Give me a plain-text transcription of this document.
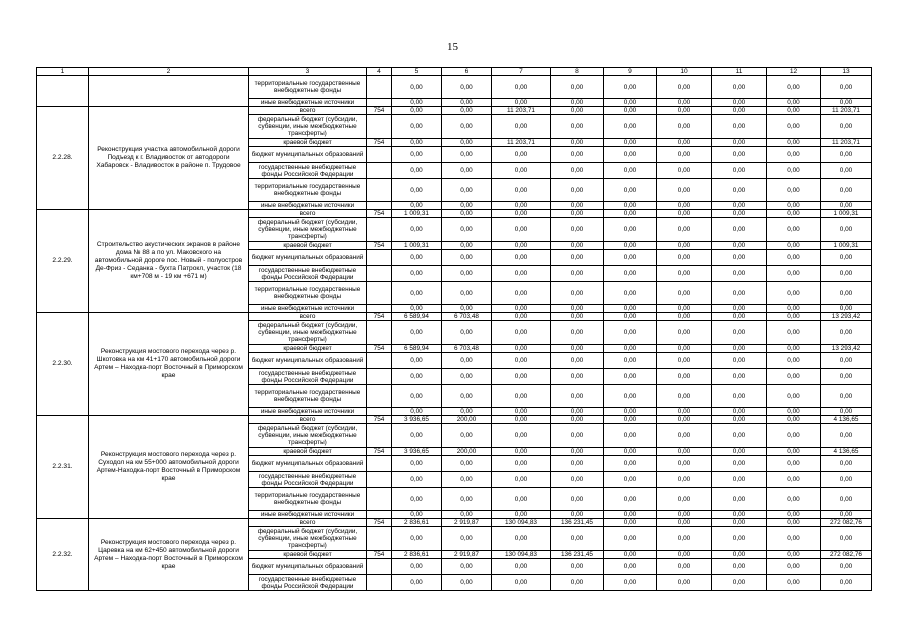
15
1	2	3	4	5	6	7	8	9	10	11	12	13
		территориальные государственные внебюджетные фонды		0,00	0,00	0,00	0,00	0,00	0,00	0,00	0,00	0,00
		иные внебюджетные источники		0,00	0,00	0,00	0,00	0,00	0,00	0,00	0,00	0,00
2.2.28.	Реконструкция участка автомобильной дороги Подъезд к г. Владивосток от автодороги Хабаровск - Владивосток в районе п. Трудовое	всего	754	0,00	0,00	11 203,71	0,00	0,00	0,00	0,00	0,00	11 203,71
		федеральный бюджет (субсидии, субвенции, иные межбюджетные трансферты)		0,00	0,00	0,00	0,00	0,00	0,00	0,00	0,00	0,00
		краевой бюджет	754	0,00	0,00	11 203,71	0,00	0,00	0,00	0,00	0,00	11 203,71
		бюджет муниципальных образований		0,00	0,00	0,00	0,00	0,00	0,00	0,00	0,00	0,00
		государственные внебюджетные фонды Российской Федерации		0,00	0,00	0,00	0,00	0,00	0,00	0,00	0,00	0,00
		территориальные государственные внебюджетные фонды		0,00	0,00	0,00	0,00	0,00	0,00	0,00	0,00	0,00
		иные внебюджетные источники		0,00	0,00	0,00	0,00	0,00	0,00	0,00	0,00	0,00
2.2.29.	Строительство акустических экранов в районе дома № 88 а по ул. Маковского на автомобильной дороге пос. Новый - полуостров Де-Фриз - Седанка - бухта Патрокл, участок (18 км+708 м - 19 км +671 м)	всего	754	1 009,31	0,00	0,00	0,00	0,00	0,00	0,00	0,00	1 009,31
		федеральный бюджет (субсидии, субвенции, иные межбюджетные трансферты)		0,00	0,00	0,00	0,00	0,00	0,00	0,00	0,00	0,00
		краевой бюджет	754	1 009,31	0,00	0,00	0,00	0,00	0,00	0,00	0,00	1 009,31
		бюджет муниципальных образований		0,00	0,00	0,00	0,00	0,00	0,00	0,00	0,00	0,00
		государственные внебюджетные фонды Российской Федерации		0,00	0,00	0,00	0,00	0,00	0,00	0,00	0,00	0,00
		территориальные государственные внебюджетные фонды		0,00	0,00	0,00	0,00	0,00	0,00	0,00	0,00	0,00
		иные внебюджетные источники		0,00	0,00	0,00	0,00	0,00	0,00	0,00	0,00	0,00
2.2.30.	Реконструкция мостового перехода через р. Шкотовка на км 41+170 автомобильной дороги Артем – Находка-порт Восточный в Приморском крае	всего	754	6 589,94	6 703,48	0,00	0,00	0,00	0,00	0,00	0,00	13 293,42
		федеральный бюджет (субсидии, субвенции, иные межбюджетные трансферты)		0,00	0,00	0,00	0,00	0,00	0,00	0,00	0,00	0,00
		краевой бюджет	754	6 589,94	6 703,48	0,00	0,00	0,00	0,00	0,00	0,00	13 293,42
		бюджет муниципальных образований		0,00	0,00	0,00	0,00	0,00	0,00	0,00	0,00	0,00
		государственные внебюджетные фонды Российской Федерации		0,00	0,00	0,00	0,00	0,00	0,00	0,00	0,00	0,00
		территориальные государственные внебюджетные фонды		0,00	0,00	0,00	0,00	0,00	0,00	0,00	0,00	0,00
		иные внебюджетные источники		0,00	0,00	0,00	0,00	0,00	0,00	0,00	0,00	0,00
2.2.31.	Реконструкция мостового перехода через р. Суходол на км 55+000 автомобильной дороги Артем-Находка-порт Восточный в Приморском крае	всего	754	3 936,65	200,00	0,00	0,00	0,00	0,00	0,00	0,00	4 136,65
		федеральный бюджет (субсидии, субвенции, иные межбюджетные трансферты)		0,00	0,00	0,00	0,00	0,00	0,00	0,00	0,00	0,00
		краевой бюджет	754	3 936,65	200,00	0,00	0,00	0,00	0,00	0,00	0,00	4 136,65
		бюджет муниципальных образований		0,00	0,00	0,00	0,00	0,00	0,00	0,00	0,00	0,00
		государственные внебюджетные фонды Российской Федерации		0,00	0,00	0,00	0,00	0,00	0,00	0,00	0,00	0,00
		территориальные государственные внебюджетные фонды		0,00	0,00	0,00	0,00	0,00	0,00	0,00	0,00	0,00
		иные внебюджетные источники		0,00	0,00	0,00	0,00	0,00	0,00	0,00	0,00	0,00
2.2.32.	Реконструкция мостового перехода через р. Царевка на км 62+450 автомобильной дороги Артем – Находка-порт Восточный в Приморском крае	всего	754	2 836,61	2 919,87	130 094,83	136 231,45	0,00	0,00	0,00	0,00	272 082,76
		федеральный бюджет (субсидии, субвенции, иные межбюджетные трансферты)		0,00	0,00	0,00	0,00	0,00	0,00	0,00	0,00	0,00
		краевой бюджет	754	2 836,61	2 919,87	130 094,83	136 231,45	0,00	0,00	0,00	0,00	272 082,76
		бюджет муниципальных образований		0,00	0,00	0,00	0,00	0,00	0,00	0,00	0,00	0,00
		государственные внебюджетные фонды Российской Федерации		0,00	0,00	0,00	0,00	0,00	0,00	0,00	0,00	0,00
